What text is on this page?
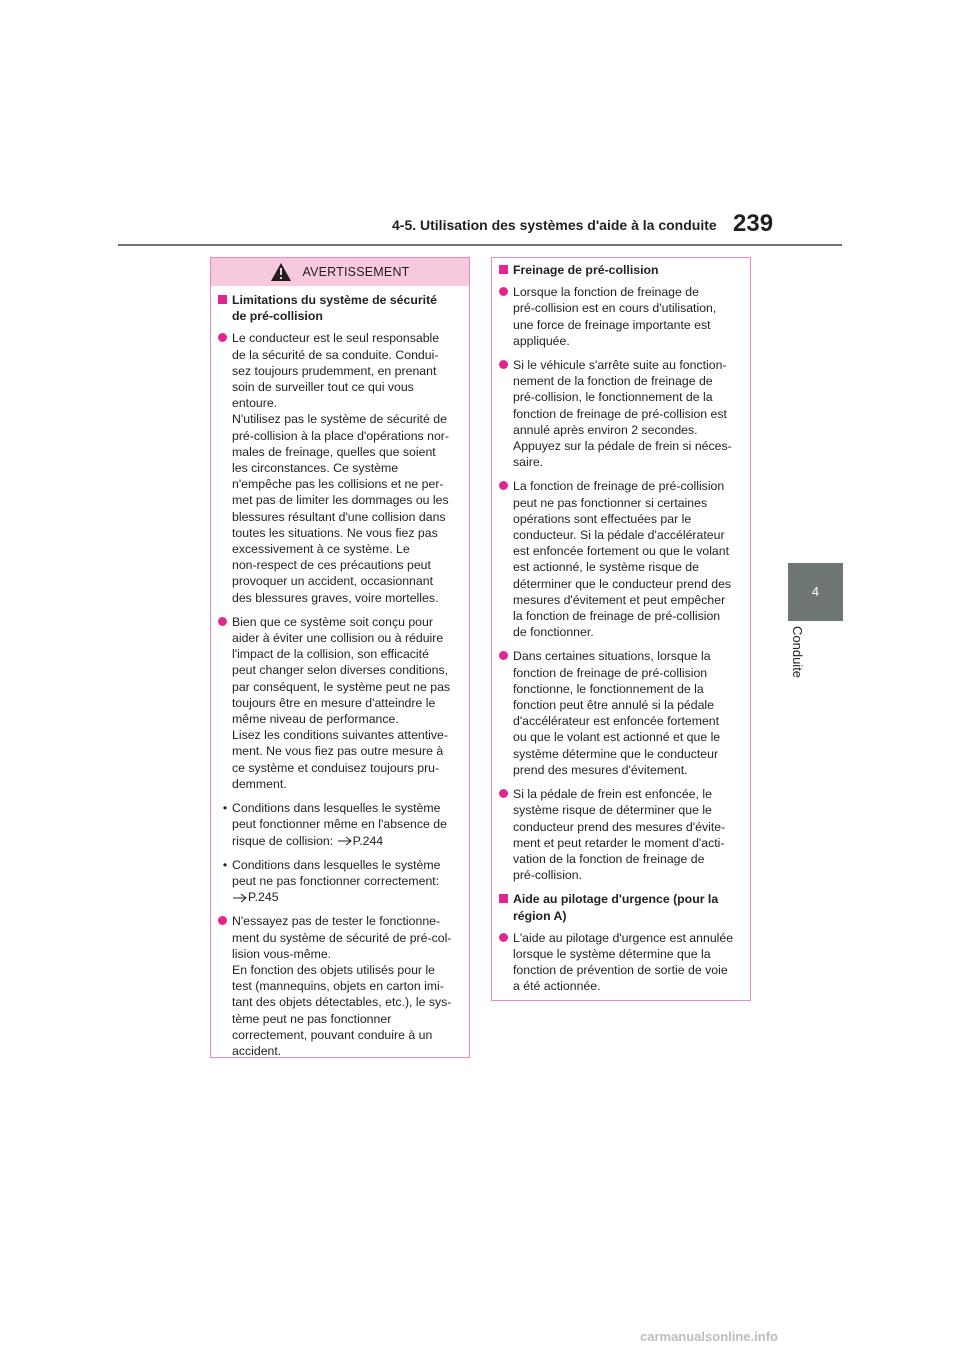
4-5. Utilisation des systèmes d'aide à la conduite 239
4
Conduite
AVERTISSEMENT
Limitations du système de sécurité
de pré-collision
Le conducteur est le seul responsable
de la sécurité de sa conduite. Condui-
sez toujours prudemment, en prenant
soin de surveiller tout ce qui vous
entoure.
N'utilisez pas le système de sécurité de
pré-collision à la place d'opérations nor-
males de freinage, quelles que soient
les circonstances. Ce système
n'empêche pas les collisions et ne per-
met pas de limiter les dommages ou les
blessures résultant d'une collision dans
toutes les situations. Ne vous fiez pas
excessivement à ce système. Le
non-respect de ces précautions peut
provoquer un accident, occasionnant
des blessures graves, voire mortelles.
Bien que ce système soit conçu pour
aider à éviter une collision ou à réduire
l'impact de la collision, son efficacité
peut changer selon diverses conditions,
par conséquent, le système peut ne pas
toujours être en mesure d'atteindre le
même niveau de performance.
Lisez les conditions suivantes attentive-
ment. Ne vous fiez pas outre mesure à
ce système et conduisez toujours pru-
demment.
• Conditions dans lesquelles le système
peut fonctionner même en l'absence de
risque de collision: P.244
• Conditions dans lesquelles le système
peut ne pas fonctionner correctement:
P.245
N'essayez pas de tester le fonctionne-
ment du système de sécurité de pré-col-
lision vous-même.
En fonction des objets utilisés pour le
test (mannequins, objets en carton imi-
tant des objets détectables, etc.), le sys-
tème peut ne pas fonctionner
correctement, pouvant conduire à un
accident.
Freinage de pré-collision
Lorsque la fonction de freinage de
pré-collision est en cours d'utilisation,
une force de freinage importante est
appliquée.
Si le véhicule s'arrête suite au fonction-
nement de la fonction de freinage de
pré-collision, le fonctionnement de la
fonction de freinage de pré-collision est
annulé après environ 2 secondes.
Appuyez sur la pédale de frein si néces-
saire.
La fonction de freinage de pré-collision
peut ne pas fonctionner si certaines
opérations sont effectuées par le
conducteur. Si la pédale d'accélérateur
est enfoncée fortement ou que le volant
est actionné, le système risque de
déterminer que le conducteur prend des
mesures d'évitement et peut empêcher
la fonction de freinage de pré-collision
de fonctionner.
Dans certaines situations, lorsque la
fonction de freinage de pré-collision
fonctionne, le fonctionnement de la
fonction peut être annulé si la pédale
d'accélérateur est enfoncée fortement
ou que le volant est actionné et que le
système détermine que le conducteur
prend des mesures d'évitement.
Si la pédale de frein est enfoncée, le
système risque de déterminer que le
conducteur prend des mesures d'évite-
ment et peut retarder le moment d'acti-
vation de la fonction de freinage de
pré-collision.
Aide au pilotage d'urgence (pour la
région A)
L'aide au pilotage d'urgence est annulée
lorsque le système détermine que la
fonction de prévention de sortie de voie
a été actionnée.
carmanualsonline.info
